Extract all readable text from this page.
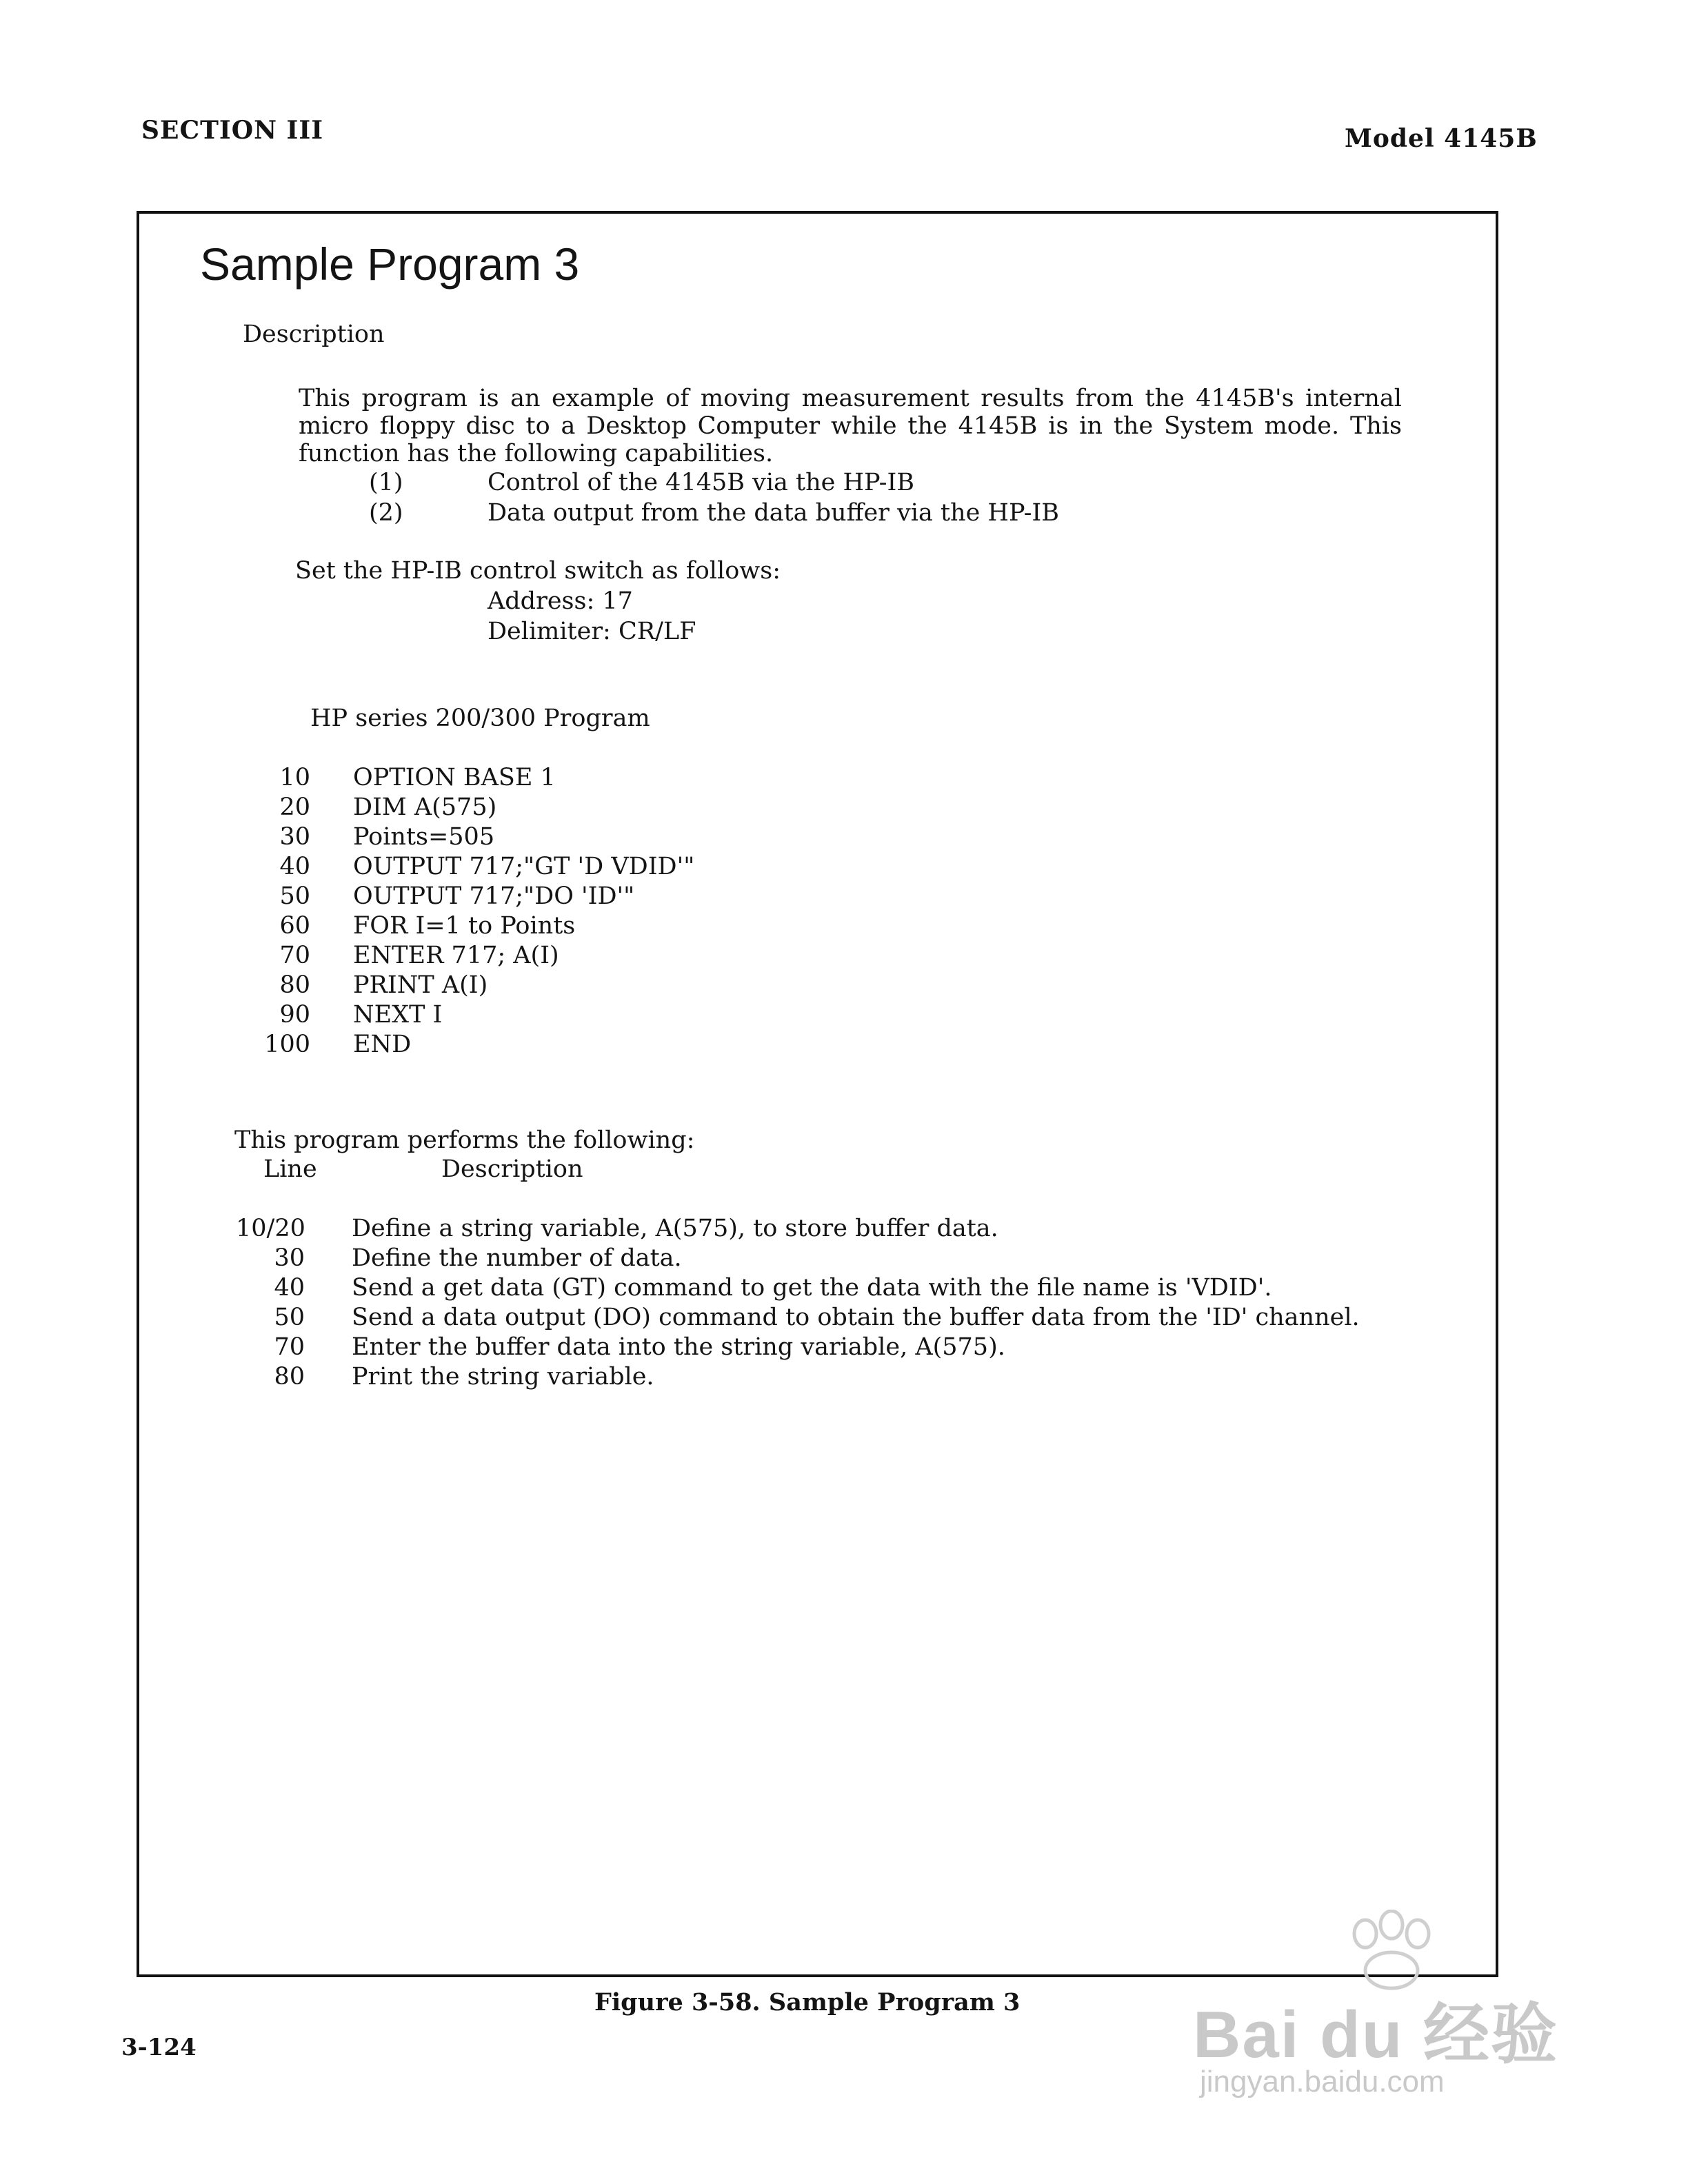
SECTION III	Model 4145B
Sample Program 3
Description
This program is an example of moving measurement results from the 4145B's internal micro floppy disc to a Desktop Computer while the 4145B is in the System mode. This function has the following capabilities.
(1)	Control of the 4145B via the HP-IB
(2)	Data output from the data buffer via the HP-IB
Set the HP-IB control switch as follows:
Address: 17
Delimiter: CR/LF
HP series 200/300 Program
10 OPTION BASE 1
20 DIM A(575)
30 Points=505
40 OUTPUT 717;"GT 'D VDID'"
50 OUTPUT 717;"DO 'ID'"
60 FOR I=1 to Points
70 ENTER 717; A(I)
80 PRINT A(I)
90 NEXT I
100 END
This program performs the following:
Line	Description
10/20 Define a string variable, A(575), to store buffer data.
30 Define the number of data.
40 Send a get data (GT) command to get the data with the file name is 'VDID'.
50 Send a data output (DO) command to obtain the buffer data from the 'ID' channel.
70 Enter the buffer data into the string variable, A(575).
80 Print the string variable.
Figure 3-58. Sample Program 3
3-124	Bai du 经验
jingyan.baidu.com
